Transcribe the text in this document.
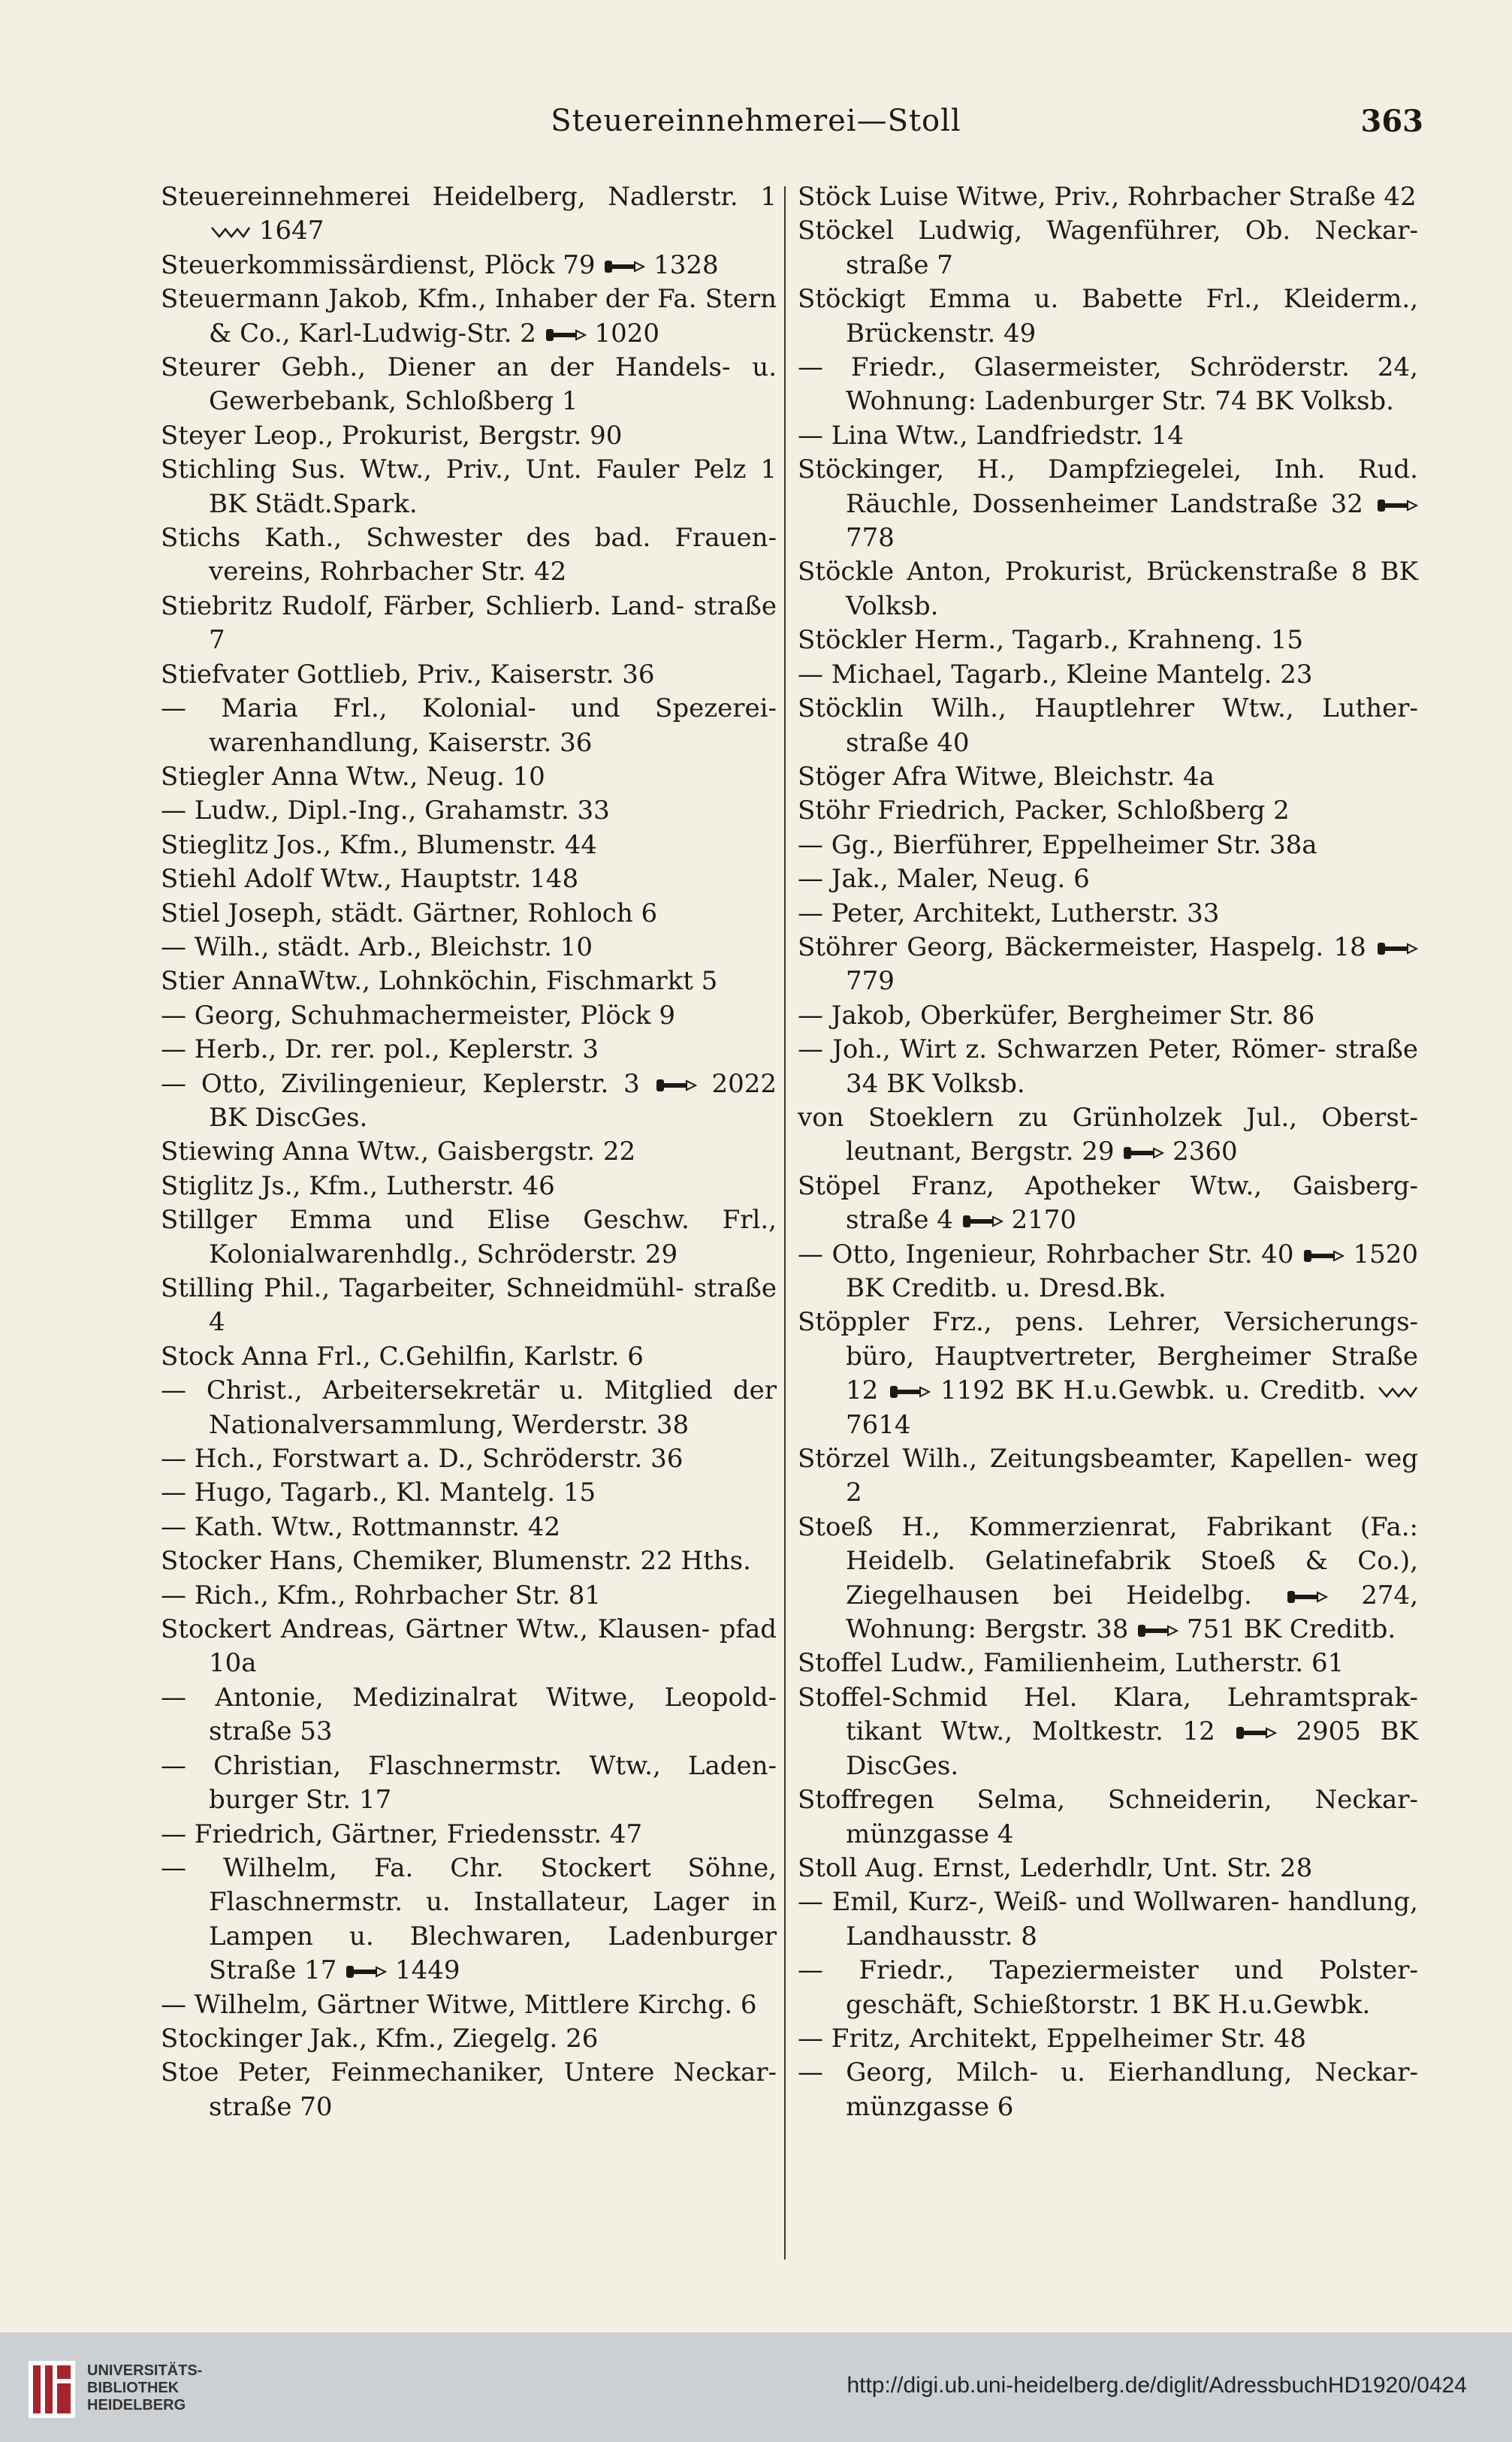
Steuereinnehmerei—Stoll	363

Steuereinnehmerei Heidelberg, Nadlerstr. 1
1647

Steuerkommissärdienst, Plöck 79
1328

Steuermann Jakob, Kfm., Inhaber der Fa. Stern & Co., Karl-Ludwig-Str. 2
1020

Steurer Gebh., Diener an der Handels- u. Gewerbebank, Schloßberg 1

Steyer Leop., Prokurist, Bergstr. 90

Stichling Sus. Wtw., Priv., Unt. Fauler Pelz 1 BK Städt.Spark.

Stichs Kath., Schwester des bad. Frauen- vereins, Rohrbacher Str. 42

Stiebritz Rudolf, Färber, Schlierb. Land- straße 7

Stiefvater Gottlieb, Priv., Kaiserstr. 36

— Maria Frl., Kolonial- und Spezerei- warenhandlung, Kaiserstr. 36

Stiegler Anna Wtw., Neug. 10

— Ludw., Dipl.-Ing., Grahamstr. 33

Stieglitz Jos., Kfm., Blumenstr. 44

Stiehl Adolf Wtw., Hauptstr. 148

Stiel Joseph, städt. Gärtner, Rohloch 6

— Wilh., städt. Arb., Bleichstr. 10

Stier AnnaWtw., Lohnköchin, Fischmarkt 5

— Georg, Schuhmachermeister, Plöck 9

— Herb., Dr. rer. pol., Keplerstr. 3

— Otto, Zivilingenieur, Keplerstr. 3
2022 BK DiscGes.

Stiewing Anna Wtw., Gaisbergstr. 22

Stiglitz Js., Kfm., Lutherstr. 46

Stillger Emma und Elise Geschw. Frl., Kolonialwarenhdlg., Schröderstr. 29

Stilling Phil., Tagarbeiter, Schneidmühl- straße 4

Stock Anna Frl., C.Gehilfin, Karlstr. 6

— Christ., Arbeitersekretär u. Mitglied der Nationalversammlung, Werderstr. 38

— Hch., Forstwart a. D., Schröderstr. 36

— Hugo, Tagarb., Kl. Mantelg. 15

— Kath. Wtw., Rottmannstr. 42

Stocker Hans, Chemiker, Blumenstr. 22 Hths.

— Rich., Kfm., Rohrbacher Str. 81

Stockert Andreas, Gärtner Wtw., Klausen- pfad 10a

— Antonie, Medizinalrat Witwe, Leopold- straße 53

— Christian, Flaschnermstr. Wtw., Laden- burger Str. 17

— Friedrich, Gärtner, Friedensstr. 47

— Wilhelm, Fa. Chr. Stockert Söhne, Flaschnermstr. u. Installateur, Lager in Lampen u. Blechwaren, Ladenburger Straße 17
1449

— Wilhelm, Gärtner Witwe, Mittlere Kirchg. 6

Stockinger Jak., Kfm., Ziegelg. 26

Stoe Peter, Feinmechaniker, Untere Neckar- straße 70

Stöck Luise Witwe, Priv., Rohrbacher Straße 42

Stöckel Ludwig, Wagenführer, Ob. Neckar- straße 7

Stöckigt Emma u. Babette Frl., Kleiderm., Brückenstr. 49

— Friedr., Glasermeister, Schröderstr. 24, Wohnung: Ladenburger Str. 74 BK Volksb.

— Lina Wtw., Landfriedstr. 14

Stöckinger, H., Dampfziegelei, Inh. Rud. Räuchle, Dossenheimer Landstraße 32
778

Stöckle Anton, Prokurist, Brückenstraße 8 BK Volksb.

Stöckler Herm., Tagarb., Krahneng. 15

— Michael, Tagarb., Kleine Mantelg. 23

Stöcklin Wilh., Hauptlehrer Wtw., Luther- straße 40

Stöger Afra Witwe, Bleichstr. 4a

Stöhr Friedrich, Packer, Schloßberg 2

— Gg., Bierführer, Eppelheimer Str. 38a

— Jak., Maler, Neug. 6

— Peter, Architekt, Lutherstr. 33

Stöhrer Georg, Bäckermeister, Haspelg. 18
779

— Jakob, Oberküfer, Bergheimer Str. 86

— Joh., Wirt z. Schwarzen Peter, Römer- straße 34 BK Volksb.

von Stoeklern zu Grünholzek Jul., Oberst- leutnant, Bergstr. 29
2360

Stöpel Franz, Apotheker Wtw., Gaisberg- straße 4
2170

— Otto, Ingenieur, Rohrbacher Str. 40
1520 BK Creditb. u. Dresd.Bk.

Stöppler Frz., pens. Lehrer, Versicherungs- büro, Hauptvertreter, Bergheimer Straße 12
1192 BK H.u.Gewbk. u. Creditb.
7614

Störzel Wilh., Zeitungsbeamter, Kapellen- weg 2

Stoeß H., Kommerzienrat, Fabrikant (Fa.: Heidelb. Gelatinefabrik Stoeß & Co.), Ziegelhausen bei Heidelbg.
274, Wohnung: Bergstr. 38
751 BK Creditb.

Stoffel Ludw., Familienheim, Lutherstr. 61

Stoffel-Schmid Hel. Klara, Lehramtsprak- tikant Wtw., Moltkestr. 12
2905 BK DiscGes.

Stoffregen Selma, Schneiderin, Neckar- münzgasse 4

Stoll Aug. Ernst, Lederhdlr, Unt. Str. 28

— Emil, Kurz-, Weiß- und Wollwaren- handlung, Landhausstr. 8

— Friedr., Tapeziermeister und Polster- geschäft, Schießtorstr. 1 BK H.u.Gewbk.

— Fritz, Architekt, Eppelheimer Str. 48

— Georg, Milch- u. Eierhandlung, Neckar- münzgasse 6

UNIVERSITÄTS-
BIBLIOTHEK
HEIDELBERG
http://digi.ub.uni-heidelberg.de/diglit/AdressbuchHD1920/0424
